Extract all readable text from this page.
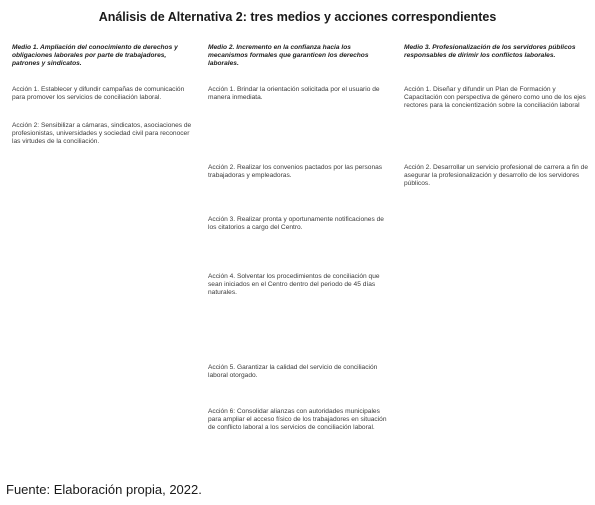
Análisis de Alternativa 2: tres medios y acciones correspondientes
Medio 1. Ampliación del conocimiento de derechos y obligaciones laborales por parte de trabajadores, patrones y sindicatos.
Acción 1. Establecer y difundir campañas de comunicación para promover los servicios de conciliación laboral.
Acción 2: Sensibilizar a cámaras, sindicatos, asociaciones de profesionistas, universidades y sociedad civil para reconocer las virtudes de la conciliación.
Medio 2. Incremento en la confianza hacia los mecanismos formales que garanticen los derechos laborales.
Acción 1. Brindar la orientación solicitada por el usuario de manera inmediata.
Acción 2. Realizar los convenios pactados por las personas trabajadoras y empleadoras.
Acción 3. Realizar pronta y oportunamente notificaciones de los citatorios a cargo del Centro.
Acción 4. Solventar los procedimientos de conciliación que sean iniciados en el Centro dentro del periodo de 45 días naturales.
Acción 5. Garantizar la calidad del servicio de conciliación laboral otorgado.
Acción 6: Consolidar alianzas con autoridades municipales para ampliar el acceso físico de los trabajadores en situación de conflicto laboral a los servicios de conciliación laboral.
Medio 3. Profesionalización de los servidores públicos responsables de dirimir los conflictos laborales.
Acción 1. Diseñar y difundir un Plan de Formación y Capacitación con perspectiva de género como uno de los ejes rectores para la concientización sobre la conciliación laboral
Acción 2. Desarrollar un servicio profesional de carrera a fin de asegurar la profesionalización y desarrollo de los servidores públicos.
Fuente: Elaboración propia, 2022.
